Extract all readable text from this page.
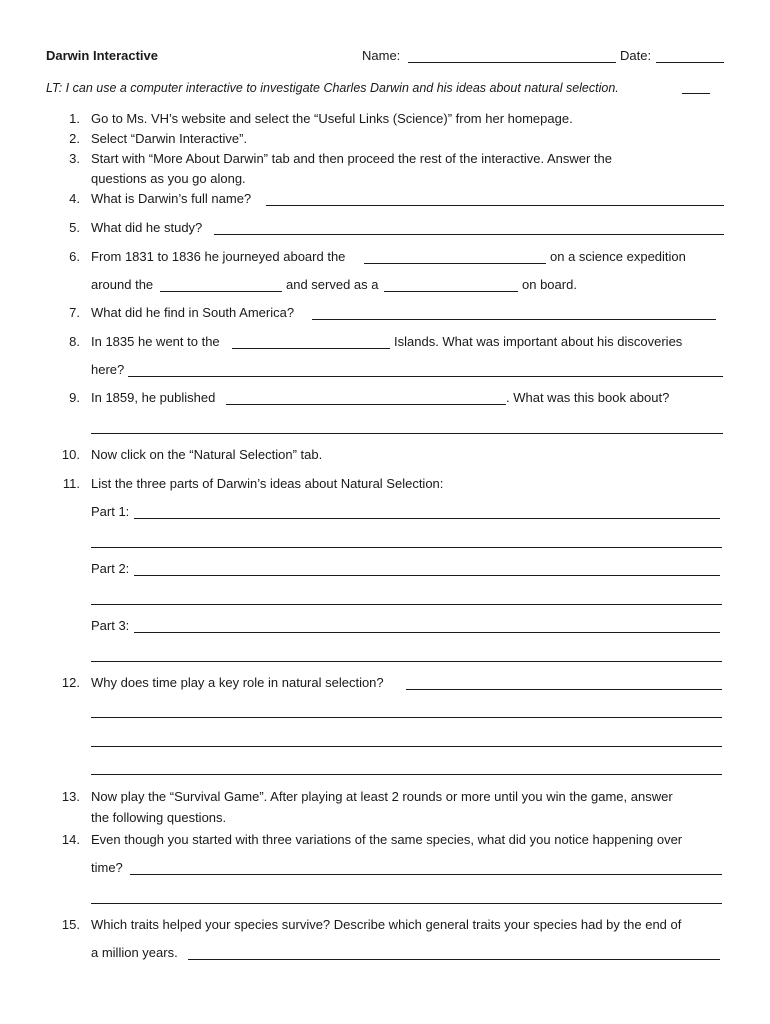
Darwin Interactive	Name:	Date:
LT: I can use a computer interactive to investigate Charles Darwin and his ideas about natural selection.
1. Go to Ms. VH’s website and select the “Useful Links (Science)” from her homepage.
2. Select “Darwin Interactive”.
3. Start with “More About Darwin” tab and then proceed the rest of the interactive. Answer the
questions as you go along.
4. What is Darwin’s full name?
5. What did he study?
6. From 1831 to 1836 he journeyed aboard the	on a science expedition
around the	and served as a	on board.
7. What did he find in South America?
8. In 1835 he went to the	Islands. What was important about his discoveries
here?
9. In 1859, he published	. What was this book about?
10. Now click on the “Natural Selection” tab.
11. List the three parts of Darwin’s ideas about Natural Selection:
Part 1:
Part 2:
Part 3:
12. Why does time play a key role in natural selection?
13. Now play the “Survival Game”. After playing at least 2 rounds or more until you win the game, answer
the following questions.
14. Even though you started with three variations of the same species, what did you notice happening over
time?
15. Which traits helped your species survive? Describe which general traits your species had by the end of
a million years.
